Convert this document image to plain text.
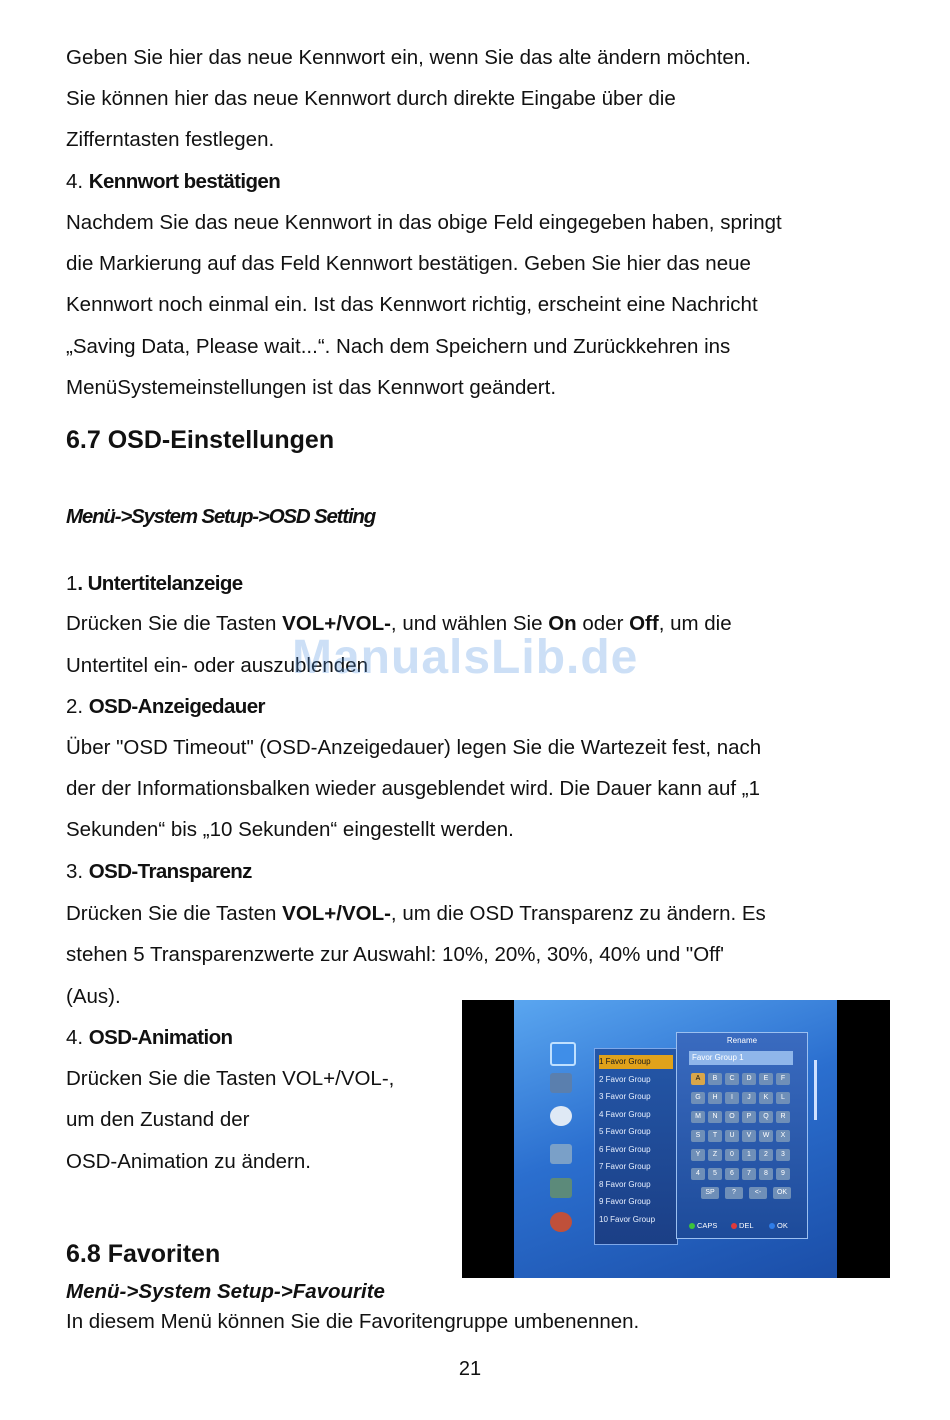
Geben Sie hier das neue Kennwort ein, wenn Sie das alte ändern möchten.
Sie können hier das neue Kennwort durch direkte Eingabe über die
Zifferntasten festlegen.
4. Kennwort bestätigen
Nachdem Sie das neue Kennwort in das obige Feld eingegeben haben, springt
die Markierung auf das Feld Kennwort bestätigen. Geben Sie hier das neue
Kennwort noch einmal ein. Ist das Kennwort richtig, erscheint eine Nachricht
„Saving Data, Please wait...“. Nach dem Speichern und Zurückkehren ins
MenüSystemeinstellungen ist das Kennwort geändert.
6.7 OSD-Einstellungen
Menü->System Setup->OSD Setting
1. Untertitelanzeige
Drücken Sie die Tasten VOL+/VOL-, und wählen Sie On oder Off, um die
Untertitel ein- oder auszublenden
2. OSD-Anzeigedauer
Über "OSD Timeout" (OSD-Anzeigedauer) legen Sie die Wartezeit fest, nach
der der Informationsbalken wieder ausgeblendet wird. Die Dauer kann auf „1
Sekunden“ bis „10 Sekunden“ eingestellt werden.
3. OSD-Transparenz
Drücken Sie die Tasten VOL+/VOL-, um die OSD Transparenz zu ändern. Es
stehen 5 Transparenzwerte zur Auswahl: 10%, 20%, 30%, 40% und "Off'
(Aus).
4. OSD-Animation
Drücken Sie die Tasten VOL+/VOL-,
um den Zustand der
OSD-Animation zu ändern.
6.8 Favoriten
Menü->System Setup->Favourite
In diesem Menü können Sie die Favoritengruppe umbenennen.
21
ManualsLib.de
1 Favor Group
2 Favor Group
3 Favor Group
4 Favor Group
5 Favor Group
6 Favor Group
7 Favor Group
8 Favor Group
9 Favor Group
10 Favor Group
Rename
Favor Group 1
A	B	C	D	E	F
G	H	I	J	K	L
M	N	O	P	Q	R
S	T	U	V	W	X
Y	Z	0	1	2	3
4	5	6	7	8	9
SP	?	<-	OK
CAPS	DEL	OK
